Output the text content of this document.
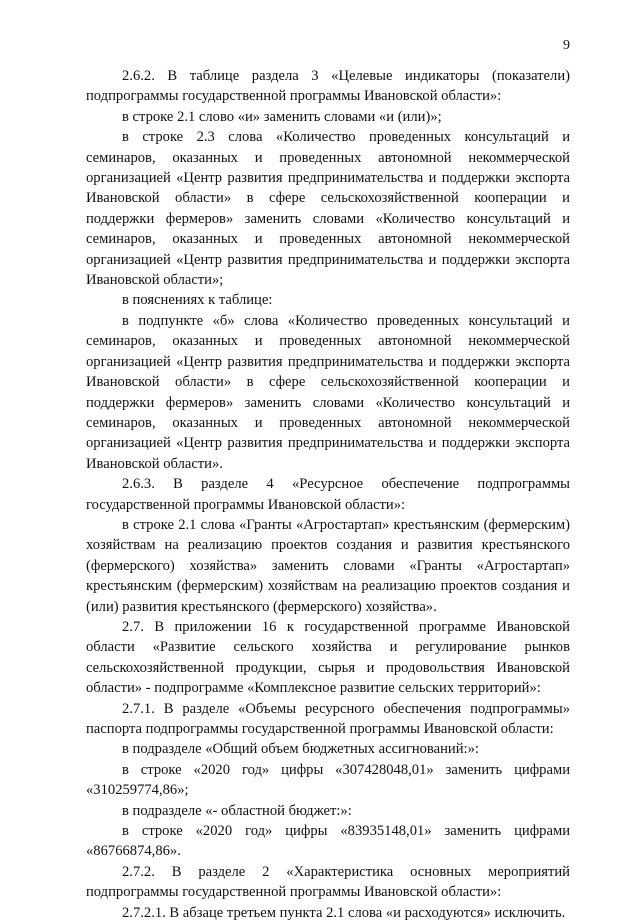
9

2.6.2. В таблице раздела 3 «Целевые индикаторы (показатели) подпрограммы государственной программы Ивановской области»:

в строке 2.1 слово «и» заменить словами «и (или)»;

в строке 2.3 слова «Количество проведенных консультаций и семинаров, оказанных и проведенных автономной некоммерческой организацией «Центр развития предпринимательства и поддержки экспорта Ивановской области» в сфере сельскохозяйственной кооперации и поддержки фермеров» заменить словами «Количество консультаций и семинаров, оказанных и проведенных автономной некоммерческой организацией «Центр развития предпринимательства и поддержки экспорта Ивановской области»;

в пояснениях к таблице:

в подпункте «б» слова «Количество проведенных консультаций и семинаров, оказанных и проведенных автономной некоммерческой организацией «Центр развития предпринимательства и поддержки экспорта Ивановской области» в сфере сельскохозяйственной кооперации и поддержки фермеров» заменить словами «Количество консультаций и семинаров, оказанных и проведенных автономной некоммерческой организацией «Центр развития предпринимательства и поддержки экспорта Ивановской области».

2.6.3. В разделе 4 «Ресурсное обеспечение подпрограммы государственной программы Ивановской области»:

в строке 2.1 слова «Гранты «Агростартап» крестьянским (фермерским) хозяйствам на реализацию проектов создания и развития крестьянского (фермерского) хозяйства» заменить словами «Гранты «Агростартап» крестьянским (фермерским) хозяйствам на реализацию проектов создания и (или) развития крестьянского (фермерского) хозяйства».

2.7. В приложении 16 к государственной программе Ивановской области «Развитие сельского хозяйства и регулирование рынков сельскохозяйственной продукции, сырья и продовольствия Ивановской области» - подпрограмме «Комплексное развитие сельских территорий»:

2.7.1. В разделе «Объемы ресурсного обеспечения подпрограммы» паспорта подпрограммы государственной программы Ивановской области:

в подразделе «Общий объем бюджетных ассигнований:»:

в строке «2020 год» цифры «307428048,01» заменить цифрами «310259774,86»;

в подразделе «- областной бюджет:»:

в строке «2020 год» цифры «83935148,01» заменить цифрами «86766874,86».

2.7.2. В разделе 2 «Характеристика основных мероприятий подпрограммы государственной программы Ивановской области»:

2.7.2.1. В абзаце третьем пункта 2.1 слова «и расходуются» исключить.
